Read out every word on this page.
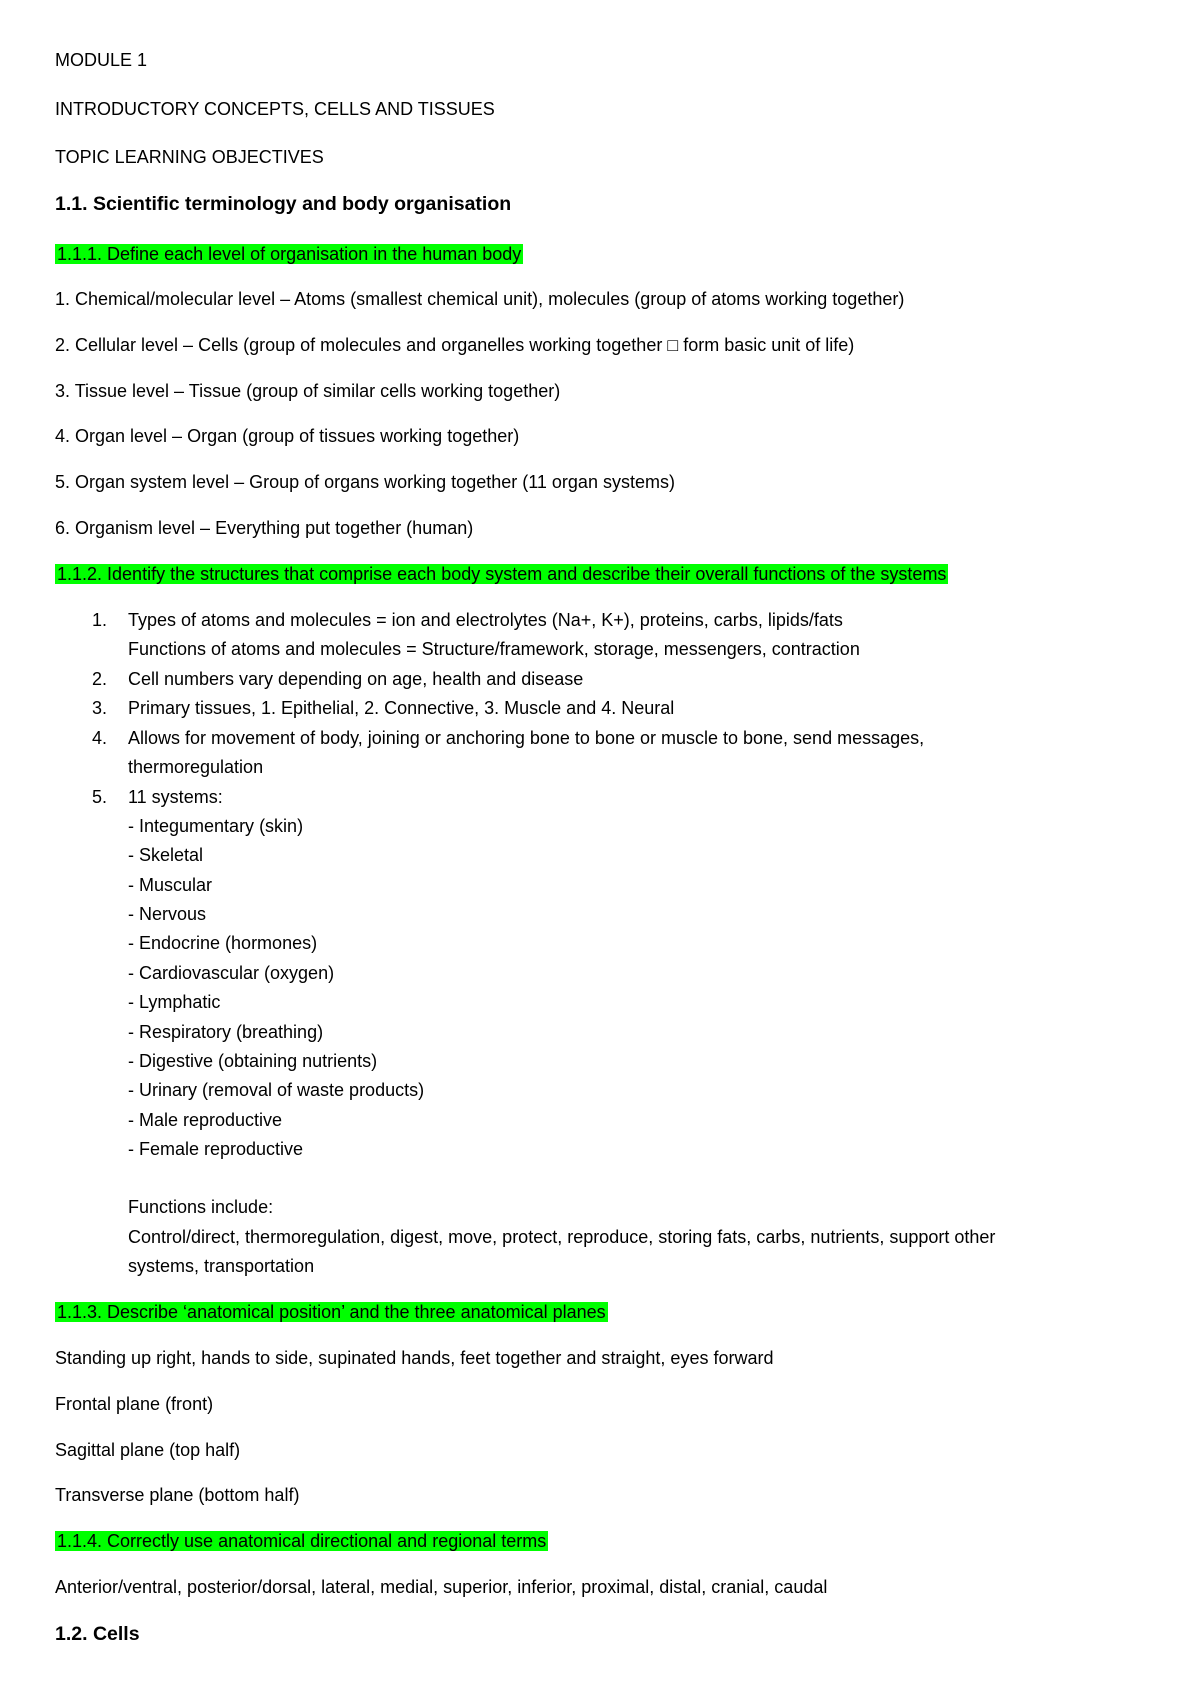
MODULE 1
INTRODUCTORY CONCEPTS, CELLS AND TISSUES
TOPIC LEARNING OBJECTIVES
1.1. Scientific terminology and body organisation
1.1.1. Define each level of organisation in the human body
1. Chemical/molecular level – Atoms (smallest chemical unit), molecules (group of atoms working together)
2. Cellular level – Cells (group of molecules and organelles working together □ form basic unit of life)
3. Tissue level – Tissue (group of similar cells working together)
4. Organ level – Organ (group of tissues working together)
5. Organ system level – Group of organs working together (11 organ systems)
6. Organism level – Everything put together (human)
1.1.2. Identify the structures that comprise each body system and describe their overall functions of the systems
1. Types of atoms and molecules = ion and electrolytes (Na+, K+), proteins, carbs, lipids/fats
Functions of atoms and molecules = Structure/framework, storage, messengers, contraction
2. Cell numbers vary depending on age, health and disease
3. Primary tissues, 1. Epithelial, 2. Connective, 3. Muscle and 4. Neural
4. Allows for movement of body, joining or anchoring bone to bone or muscle to bone, send messages,
thermoregulation
5. 11 systems:
- Integumentary (skin)
- Skeletal
- Muscular
- Nervous
- Endocrine (hormones)
- Cardiovascular (oxygen)
- Lymphatic
- Respiratory (breathing)
- Digestive (obtaining nutrients)
- Urinary (removal of waste products)
- Male reproductive
- Female reproductive
Functions include:
Control/direct, thermoregulation, digest, move, protect, reproduce, storing fats, carbs, nutrients, support other
systems, transportation
1.1.3. Describe ‘anatomical position’ and the three anatomical planes
Standing up right, hands to side, supinated hands, feet together and straight, eyes forward
Frontal plane (front)
Sagittal plane (top half)
Transverse plane (bottom half)
1.1.4. Correctly use anatomical directional and regional terms
Anterior/ventral, posterior/dorsal, lateral, medial, superior, inferior, proximal, distal, cranial, caudal
1.2. Cells
